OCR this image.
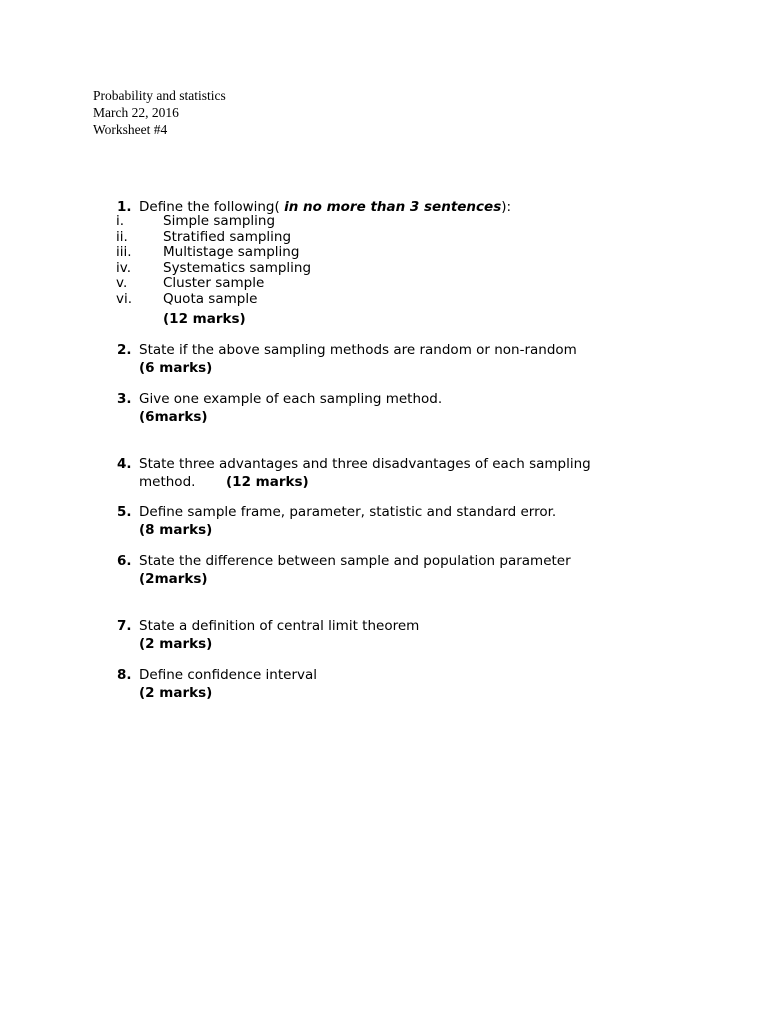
Probability and statistics
March 22, 2016
Worksheet #4
1. Define the following( in no more than 3 sentences):
i.	Simple sampling
ii.	Stratified sampling
iii. Multistage sampling
iv. Systematics sampling
v.	Cluster sample
vi. Quota sample
(12 marks)
2. State if the above sampling methods are random or non-random
(6 marks)
3. Give one example of each sampling method.
(6marks)
4. State three advantages and three disadvantages of each sampling
method. (12 marks)
5. Define sample frame, parameter, statistic and standard error.
(8 marks)
6. State the difference between sample and population parameter
(2marks)
7. State a definition of central limit theorem
(2 marks)
8. Define confidence interval
(2 marks)
